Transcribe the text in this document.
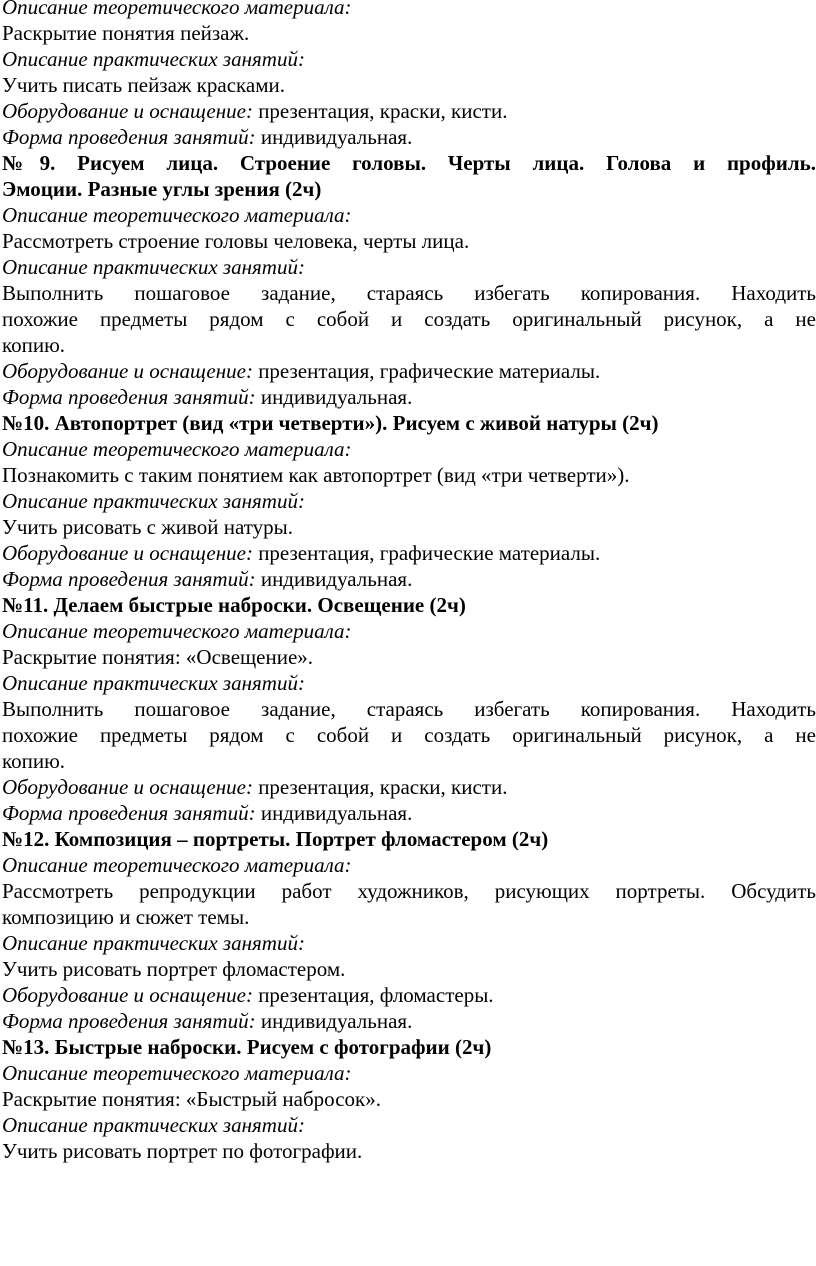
Описание теоретического материала:
Раскрытие понятия пейзаж.
Описание практических занятий:
Учить писать пейзаж красками.
Оборудование и оснащение: презентация, краски, кисти.
Форма проведения занятий: индивидуальная.
№9. Рисуем лица. Строение головы. Черты лица. Голова и профиль.
Эмоции. Разные углы зрения (2ч)
Описание теоретического материала:
Рассмотреть строение головы человека, черты лица.
Описание практических занятий:
Выполнить пошаговое задание, стараясь избегать копирования. Находить
похожие предметы рядом с собой и создать оригинальный рисунок, а не
копию.
Оборудование и оснащение: презентация, графические материалы.
Форма проведения занятий: индивидуальная.
№10. Автопортрет (вид «три четверти»). Рисуем с живой натуры (2ч)
Описание теоретического материала:
Познакомить с таким понятием как автопортрет (вид «три четверти»).
Описание практических занятий:
Учить рисовать с живой натуры.
Оборудование и оснащение: презентация, графические материалы.
Форма проведения занятий: индивидуальная.
№11. Делаем быстрые наброски. Освещение (2ч)
Описание теоретического материала:
Раскрытие понятия: «Освещение».
Описание практических занятий:
Выполнить пошаговое задание, стараясь избегать копирования. Находить
похожие предметы рядом с собой и создать оригинальный рисунок, а не
копию.
Оборудование и оснащение: презентация, краски, кисти.
Форма проведения занятий: индивидуальная.
№12. Композиция – портреты. Портрет фломастером (2ч)
Описание теоретического материала:
Рассмотреть репродукции работ художников, рисующих портреты. Обсудить
композицию и сюжет темы.
Описание практических занятий:
Учить рисовать портрет фломастером.
Оборудование и оснащение: презентация, фломастеры.
Форма проведения занятий: индивидуальная.
№13. Быстрые наброски. Рисуем с фотографии (2ч)
Описание теоретического материала:
Раскрытие понятия: «Быстрый набросок».
Описание практических занятий:
Учить рисовать портрет по фотографии.
